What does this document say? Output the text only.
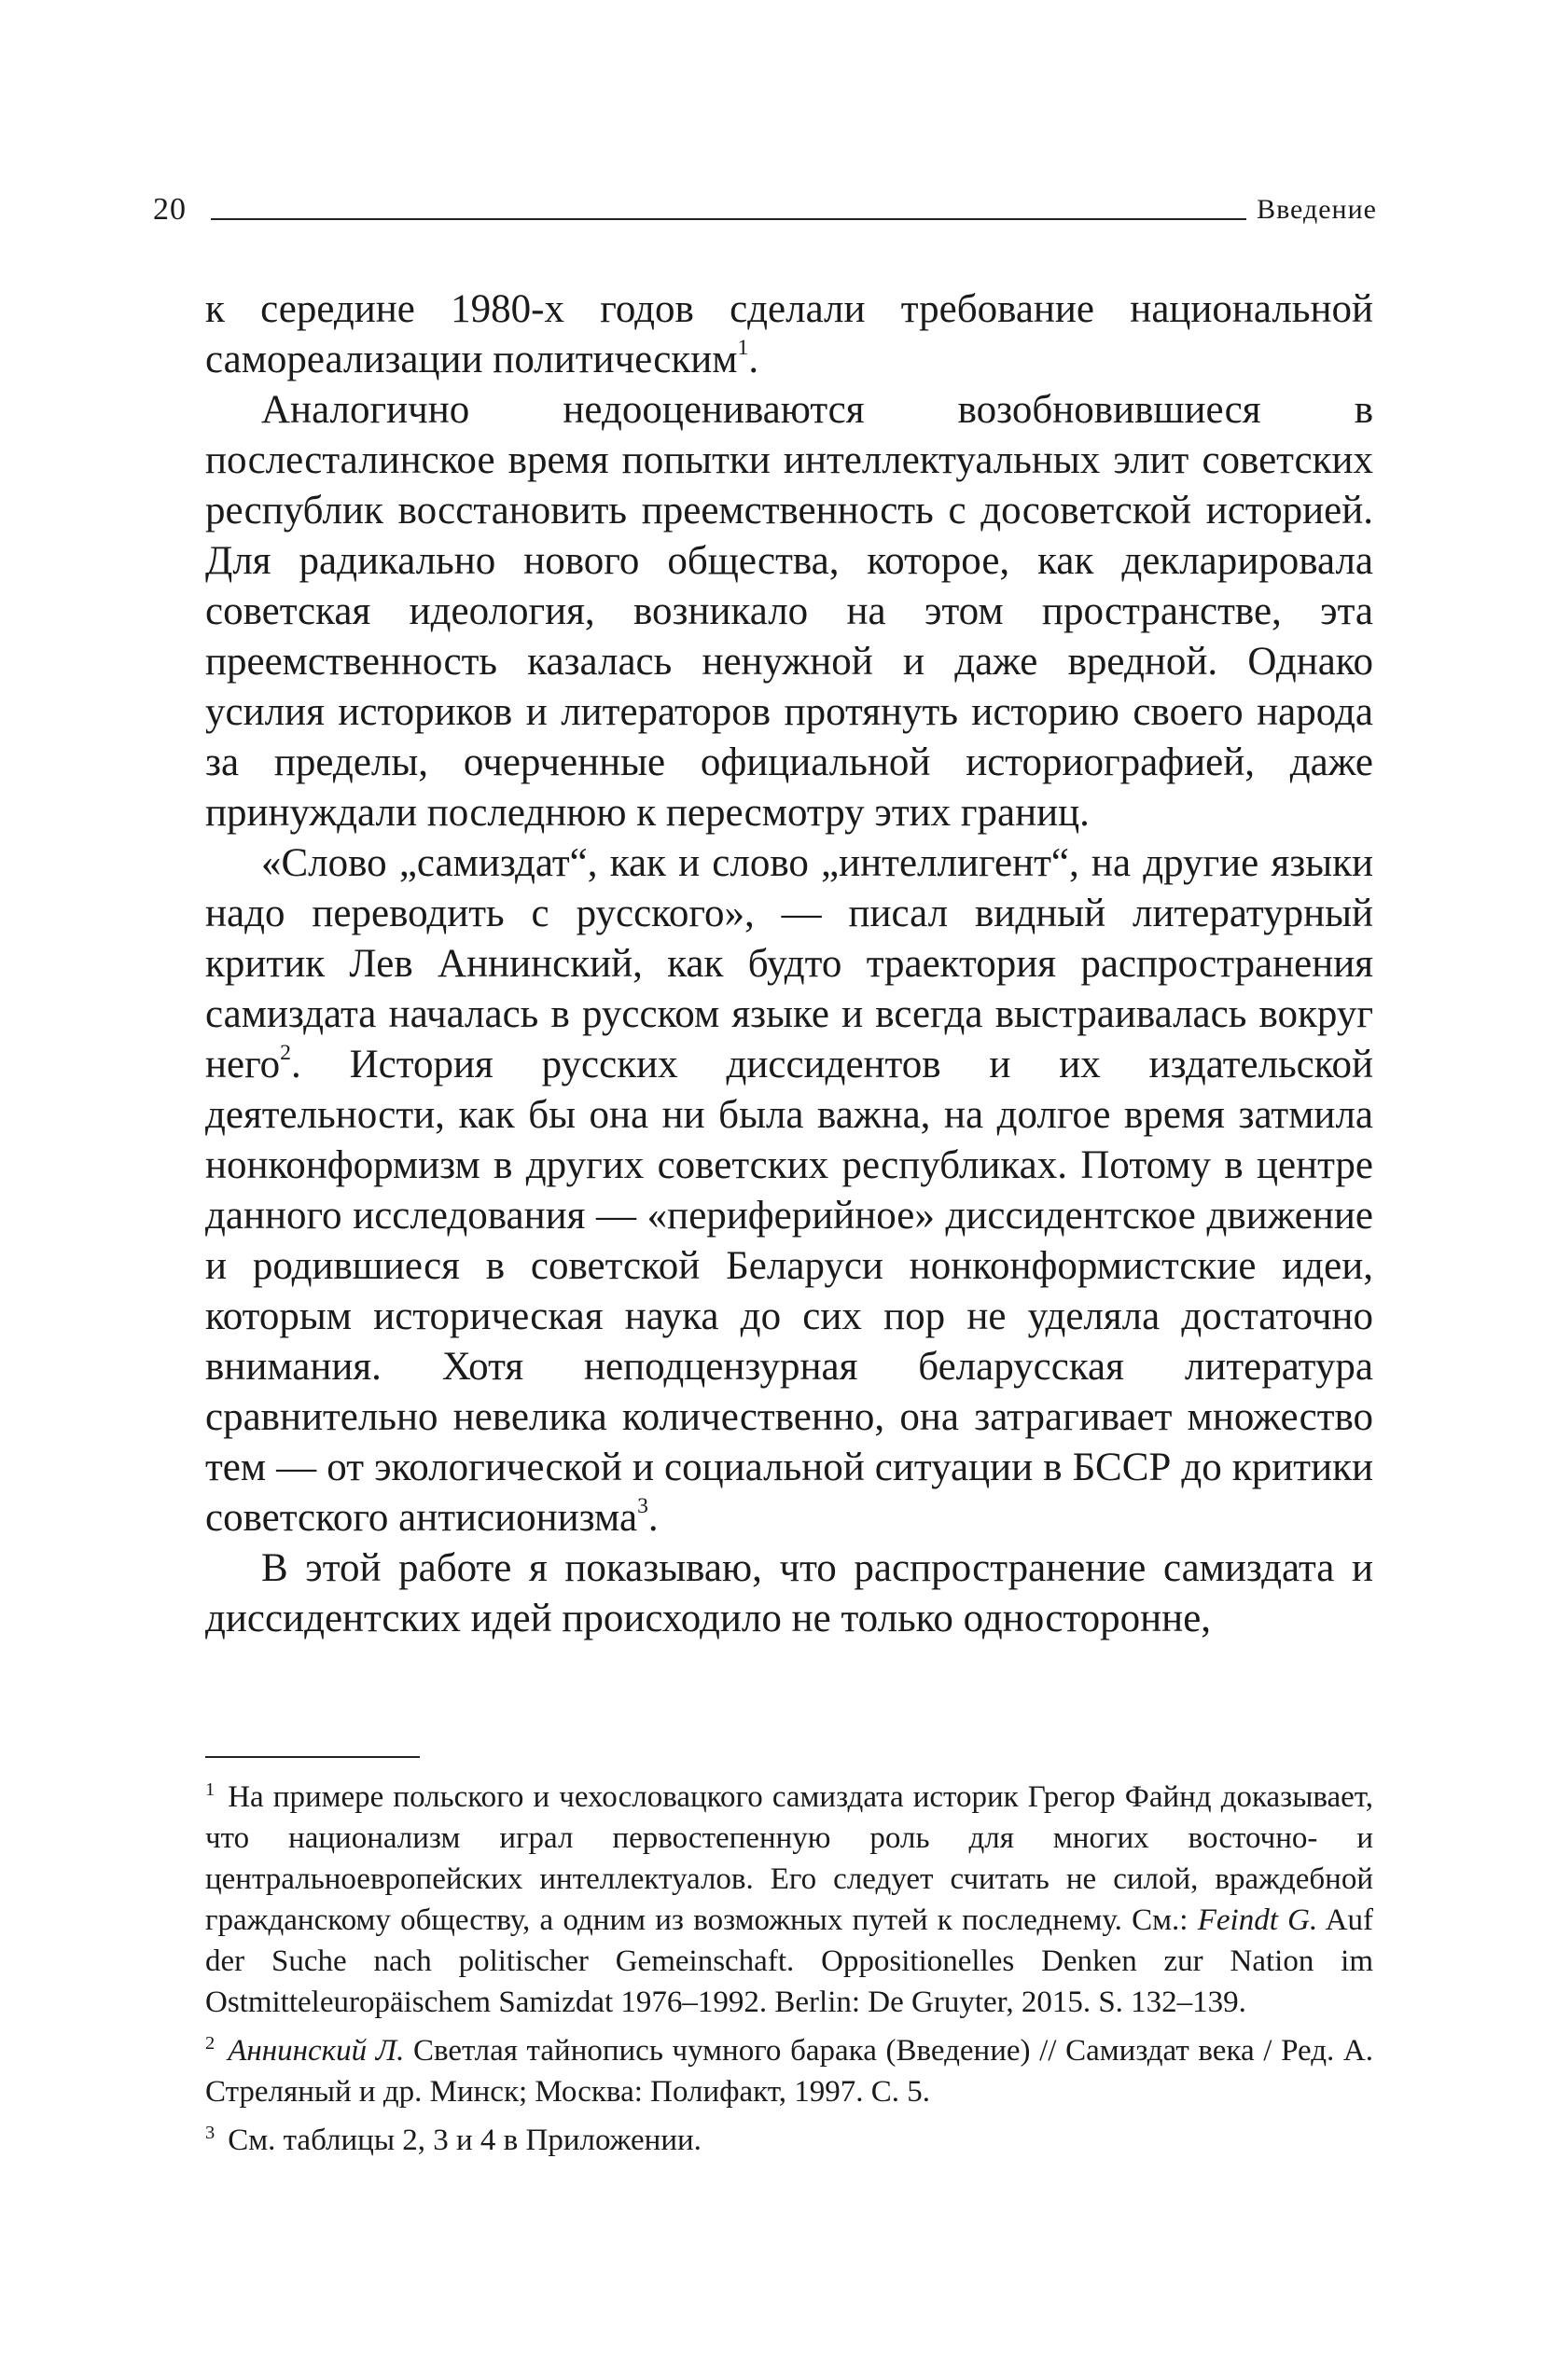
20	Введение

к середине 1980-х годов сделали требование национальной самореализации политическим$^1$.

Аналогично недооцениваются возобновившиеся в послесталинское время попытки интеллектуальных элит советских республик восстановить преемственность с досоветской историей. Для радикально нового общества, которое, как декларировала советская идеология, возникало на этом пространстве, эта преемственность казалась ненужной и даже вредной. Однако усилия историков и литераторов протянуть историю своего народа за пределы, очерченные официальной историографией, даже принуждали последнюю к пересмотру этих границ.

«Слово „самиздат“, как и слово „интеллигент“, на другие языки надо переводить с русского», — писал видный литературный критик Лев Аннинский, как будто траектория распространения самиздата началась в русском языке и всегда выстраивалась вокруг него$^2$. История русских диссидентов и их издательской деятельности, как бы она ни была важна, на долгое время затмила нонконформизм в других советских республиках. Потому в центре данного исследования — «периферийное» диссидентское движение и родившиеся в советской Беларуси нонконформистские идеи, которым историческая наука до сих пор не уделяла достаточно внимания. Хотя неподцензурная беларусская литература сравнительно невелика количественно, она затрагивает множество тем — от экологической и социальной ситуации в БССР до критики советского антисионизма$^3$.

В этой работе я показываю, что распространение самиздата и диссидентских идей происходило не только односторонне,

$^1$ На примере польского и чехословацкого самиздата историк Грегор Файнд доказывает, что национализм играл первостепенную роль для многих восточно- и центральноевропейских интеллектуалов. Его следует считать не силой, враждебной гражданскому обществу, а одним из возможных путей к последнему. См.: Feindt G. Auf der Suche nach politischer Gemeinschaft. Oppositionelles Denken zur Nation im Ostmitteleuropäischem Samizdat 1976–1992. Berlin: De Gruyter, 2015. S. 132–139.

$^2$ Аннинский Л. Светлая тайнопись чумного барака (Введение) // Самиздат века / Ред. А. Стреляный и др. Минск; Москва: Полифакт, 1997. С. 5.

$^3$ См. таблицы 2, 3 и 4 в Приложении.
